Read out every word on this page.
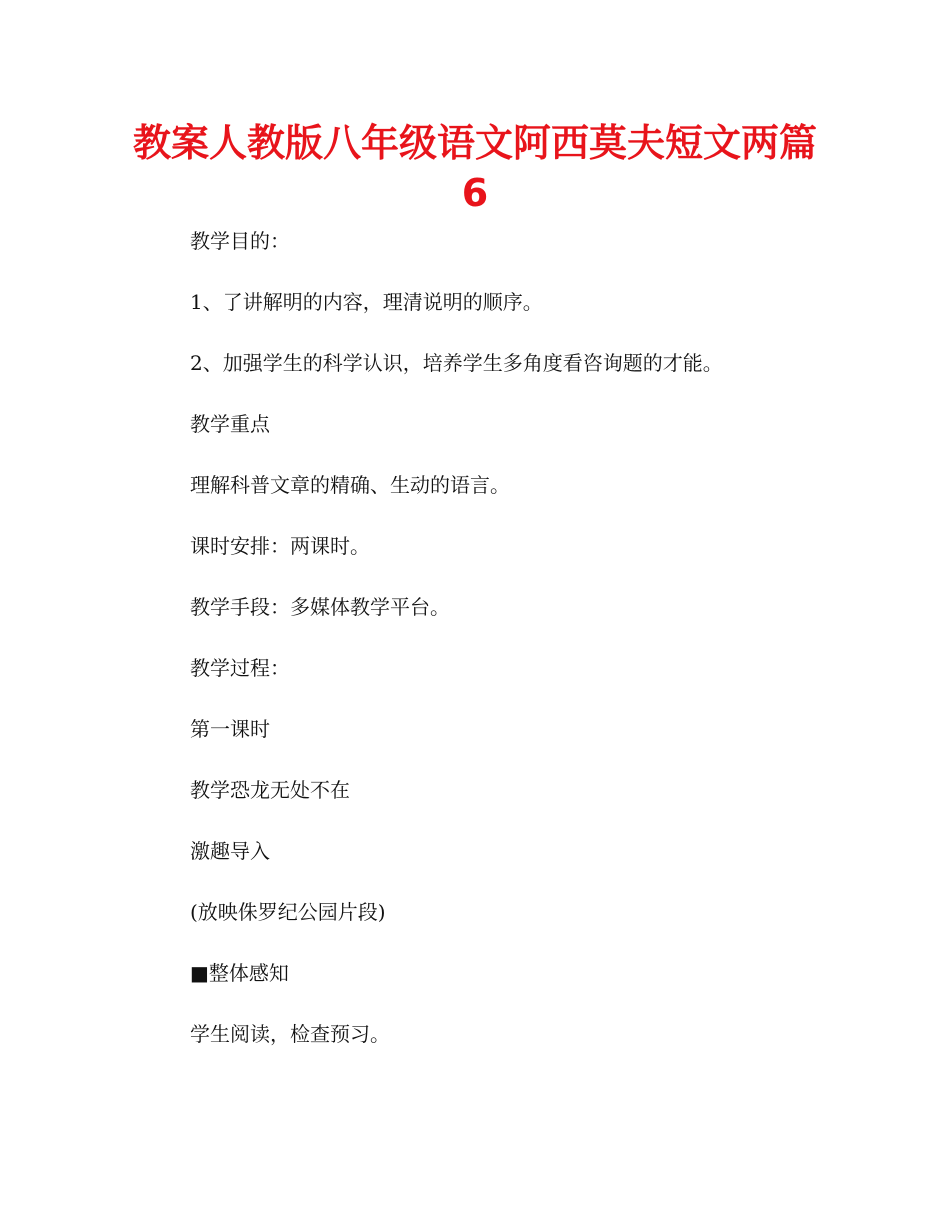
教案人教版八年级语文阿西莫夫短文两篇
6

教学目的：

1、了讲解明的内容，理清说明的顺序。

2、加强学生的科学认识，培养学生多角度看咨询题的才能。

教学重点

理解科普文章的精确、生动的语言。

课时安排：两课时。

教学手段：多媒体教学平台。

教学过程：

第一课时

教学恐龙无处不在

激趣导入

(放映侏罗纪公园片段)

■整体感知

学生阅读，检查预习。
